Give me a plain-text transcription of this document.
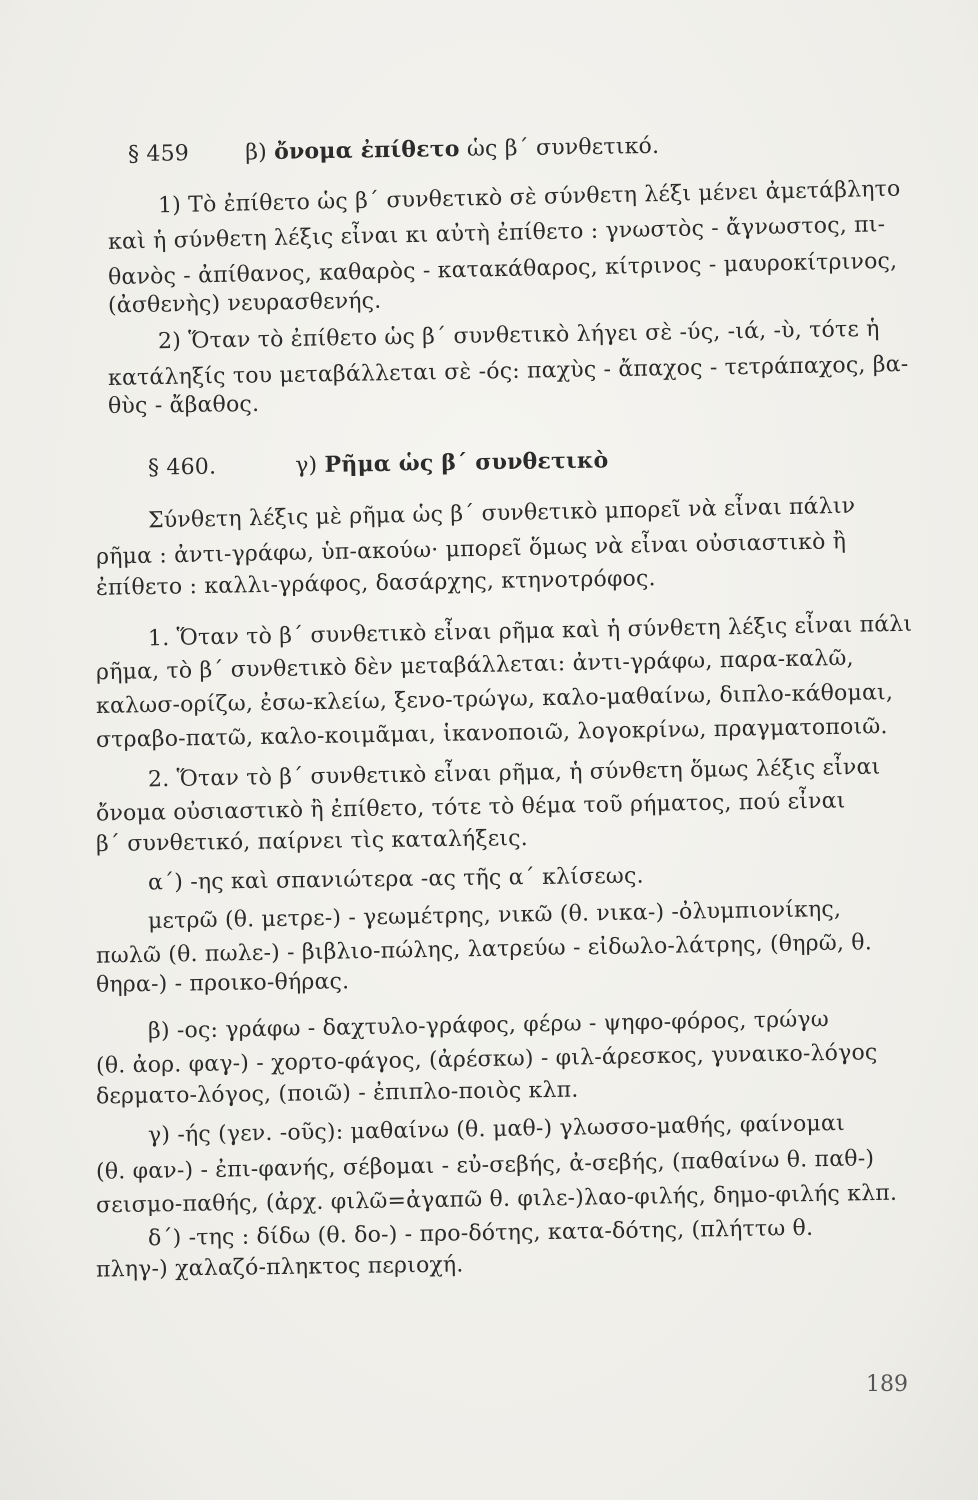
§ 459	β) ὄνομα ἐπίθετο ὡς β΄ συνθετικό.
1) Τὸ ἐπίθετο ὡς β΄ συνθετικὸ σὲ σύνθετη λέξι μένει ἀμετάβλητο
καὶ ἡ σύνθετη λέξις εἶναι κι αὐτὴ ἐπίθετο : γνωστὸς - ἄγνωστος, πι-
θανὸς - ἀπίθανος, καθαρὸς - κατακάθαρος, κίτρινος - μαυροκίτρινος,
(ἀσθενὴς) νευρασθενής.
2) Ὅταν τὸ ἐπίθετο ὡς β΄ συνθετικὸ λήγει σὲ -ύς, -ιά, -ὺ, τότε ἡ
κατάληξίς του μεταβάλλεται σὲ -ός: παχὺς - ἄπαχος - τετράπαχος, βα-
θὺς - ἄβαθος.
§ 460.	γ) Ρῆμα ὡς β΄ συνθετικὸ
Σύνθετη λέξις μὲ ρῆμα ὡς β΄ συνθετικὸ μπορεῖ νὰ εἶναι πάλιν
ρῆμα : ἀντι-γράφω, ὑπ-ακούω· μπορεῖ ὅμως νὰ εἶναι οὐσιαστικὸ ἢ
ἐπίθετο : καλλι-γράφος, δασάρχης, κτηνοτρόφος.
1. Ὅταν τὸ β΄ συνθετικὸ εἶναι ρῆμα καὶ ἡ σύνθετη λέξις εἶναι πάλι
ρῆμα, τὸ β΄ συνθετικὸ δὲν μεταβάλλεται: ἀντι-γράφω, παρα-καλῶ,
καλωσ-ορίζω, ἐσω-κλείω, ξενο-τρώγω, καλο-μαθαίνω, διπλο-κάθομαι,
στραβο-πατῶ, καλο-κοιμᾶμαι, ἱκανοποιῶ, λογοκρίνω, πραγματοποιῶ.
2. Ὅταν τὸ β΄ συνθετικὸ εἶναι ρῆμα, ἡ σύνθετη ὅμως λέξις εἶναι
ὄνομα οὐσιαστικὸ ἢ ἐπίθετο, τότε τὸ θέμα τοῦ ρήματος, πού εἶναι
β΄ συνθετικό, παίρνει τὶς καταλήξεις.
α΄) -ης καὶ σπανιώτερα -ας τῆς α΄ κλίσεως.
μετρῶ (θ. μετρε-) - γεωμέτρης, νικῶ (θ. νικα-) -ὀλυμπιονίκης,
πωλῶ (θ. πωλε-) - βιβλιο-πώλης, λατρεύω - εἰδωλο-λάτρης, (θηρῶ, θ.
θηρα-) - προικο-θήρας.
β) -ος: γράφω - δαχτυλο-γράφος, φέρω - ψηφο-φόρος, τρώγω
(θ. ἀορ. φαγ-) - χορτο-φάγος, (ἀρέσκω) - φιλ-άρεσκος, γυναικο-λόγος
δερματο-λόγος, (ποιῶ) - ἐπιπλο-ποιὸς κλπ.
γ) -ής (γεν. -οῦς): μαθαίνω (θ. μαθ-) γλωσσο-μαθής, φαίνομαι
(θ. φαν-) - ἐπι-φανής, σέβομαι - εὐ-σεβής, ἀ-σεβής, (παθαίνω θ. παθ-)
σεισμο-παθής, (ἀρχ. φιλῶ=ἀγαπῶ θ. φιλε-)λαο-φιλής, δημο-φιλής κλπ.
δ΄) -της : δίδω (θ. δο-) - προ-δότης, κατα-δότης, (πλήττω θ.
πληγ-) χαλαζό-πληκτος περιοχή.
189
